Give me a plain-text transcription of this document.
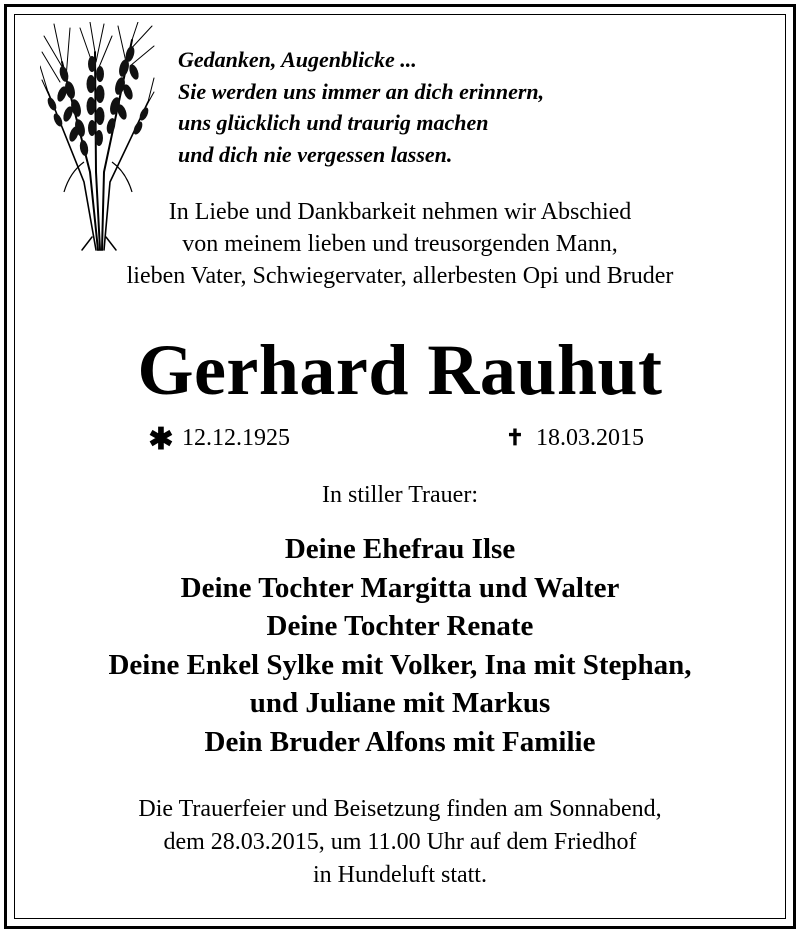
Gedanken, Augenblicke ...
Sie werden uns immer an dich erinnern,
uns glücklich und traurig machen
und dich nie vergessen lassen.
In Liebe und Dankbarkeit nehmen wir Abschied
von meinem lieben und treusorgenden Mann,
lieben Vater, Schwiegervater, allerbesten Opi und Bruder
Gerhard Rauhut
✱ 12.12.1925	✝ 18.03.2015
In stiller Trauer:
Deine Ehefrau Ilse
Deine Tochter Margitta und Walter
Deine Tochter Renate
Deine Enkel Sylke mit Volker, Ina mit Stephan,
und Juliane mit Markus
Dein Bruder Alfons mit Familie
Die Trauerfeier und Beisetzung finden am Sonnabend,
dem 28.03.2015, um 11.00 Uhr auf dem Friedhof
in Hundeluft statt.
